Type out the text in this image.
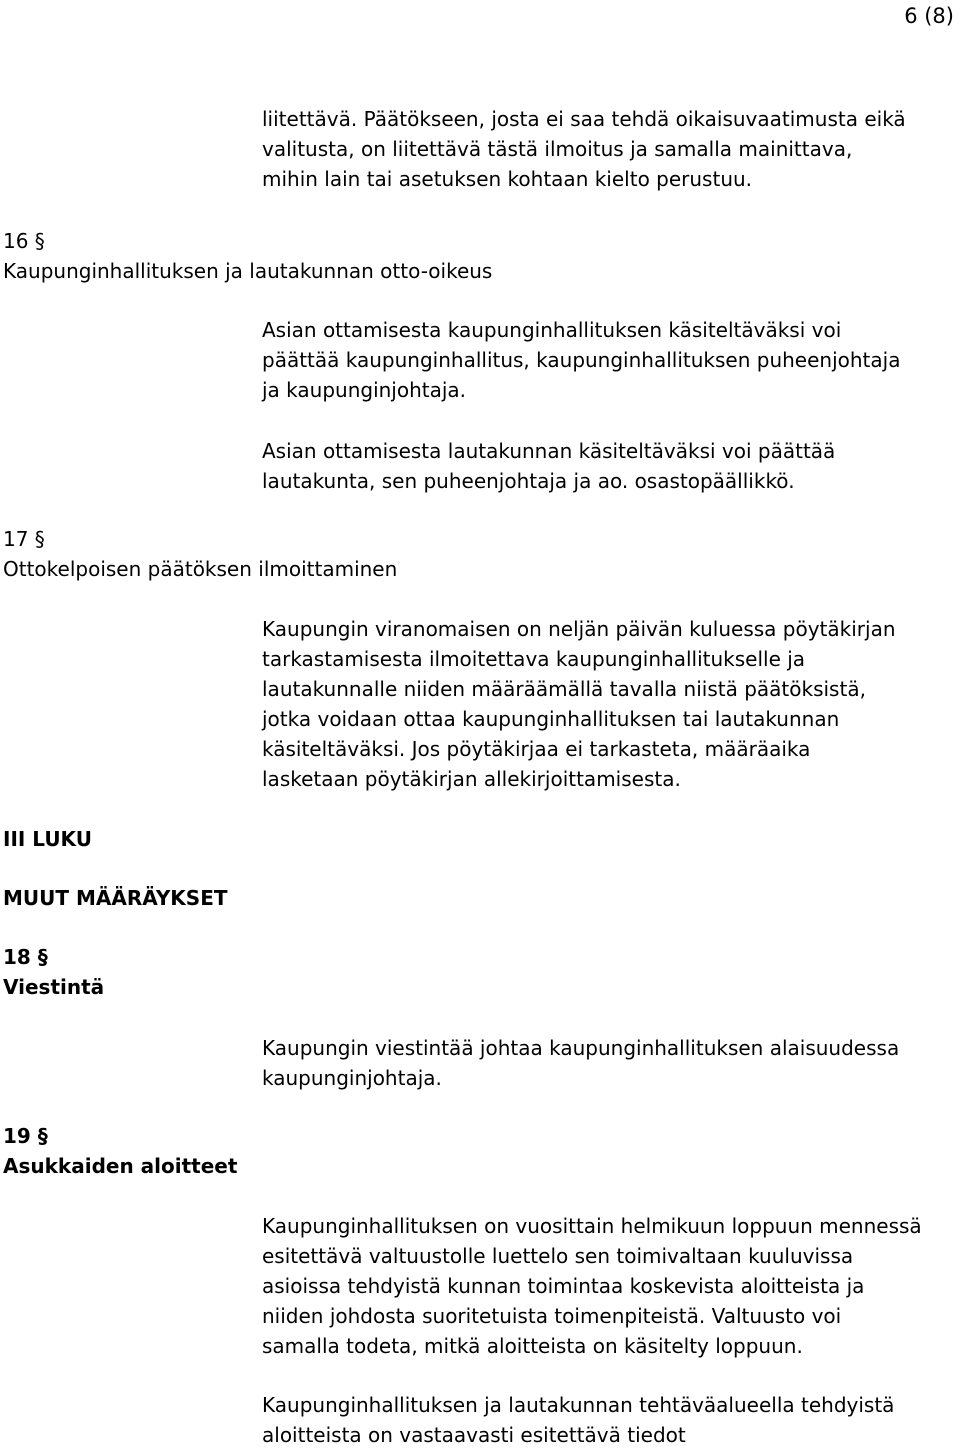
6 (8)

liitettävä. Päätökseen, josta ei saa tehdä oikaisuvaatimusta eikä
valitusta, on liitettävä tästä ilmoitus ja samalla mainittava,
mihin lain tai asetuksen kohtaan kielto perustuu.

16 §

Kaupunginhallituksen ja lautakunnan otto-oikeus

Asian ottamisesta kaupunginhallituksen käsiteltäväksi voi
päättää kaupunginhallitus, kaupunginhallituksen puheenjohtaja
ja kaupunginjohtaja.

Asian ottamisesta lautakunnan käsiteltäväksi voi päättää
lautakunta, sen puheenjohtaja ja ao. osastopäällikkö.

17 §

Ottokelpoisen päätöksen ilmoittaminen

Kaupungin viranomaisen on neljän päivän kuluessa pöytäkirjan
tarkastamisesta ilmoitettava kaupunginhallitukselle ja
lautakunnalle niiden määräämällä tavalla niistä päätöksistä,
jotka voidaan ottaa kaupunginhallituksen tai lautakunnan
käsiteltäväksi. Jos pöytäkirjaa ei tarkasteta, määräaika
lasketaan pöytäkirjan allekirjoittamisesta.

III LUKU

MUUT MÄÄRÄYKSET

18 §

Viestintä

Kaupungin viestintää johtaa kaupunginhallituksen alaisuudessa
kaupunginjohtaja.

19 §

Asukkaiden aloitteet

Kaupunginhallituksen on vuosittain helmikuun loppuun mennessä
esitettävä valtuustolle luettelo sen toimivaltaan kuuluvissa
asioissa tehdyistä kunnan toimintaa koskevista aloitteista ja
niiden johdosta suoritetuista toimenpiteistä. Valtuusto voi
samalla todeta, mitkä aloitteista on käsitelty loppuun.

Kaupunginhallituksen ja lautakunnan tehtäväalueella tehdyistä
aloitteista on vastaavasti esitettävä tiedot
